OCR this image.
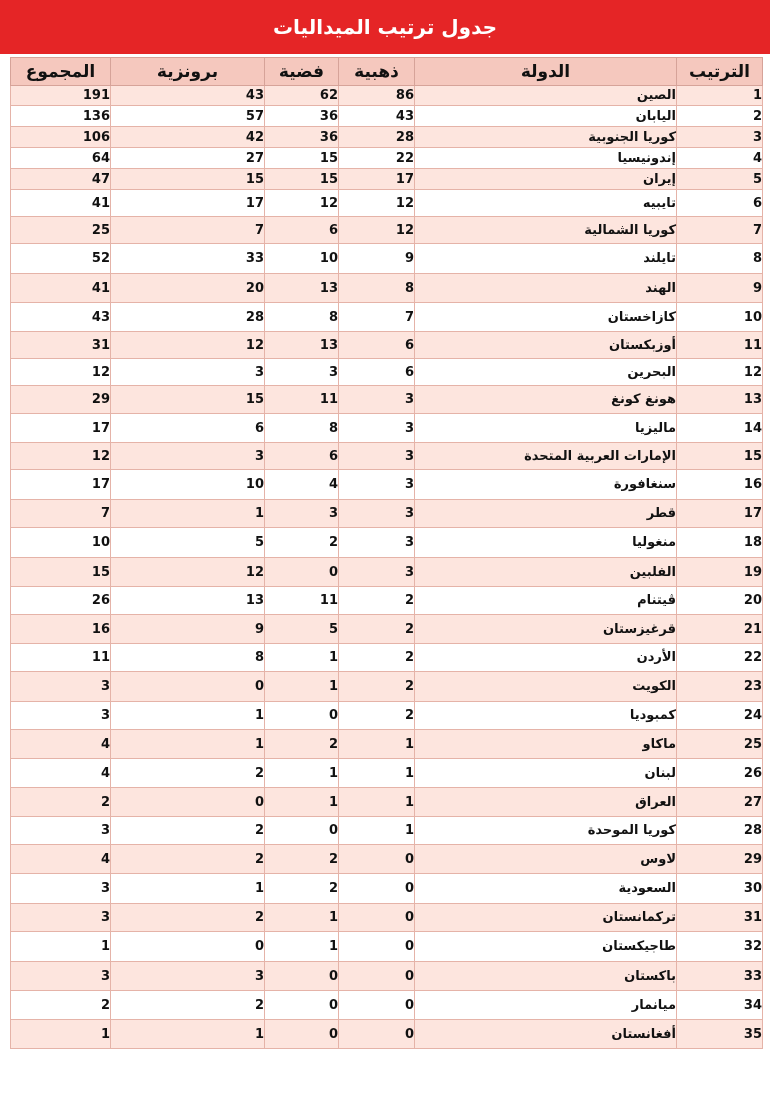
جدول ترتيب الميداليات
الترتيب	الدولة	ذهبية	فضية	برونزية	المجموع
1	الصين	86	62	43	191
2	اليابان	43	36	57	136
3	كوريا الجنوبية	28	36	42	106
4	إندونيسيا	22	15	27	64
5	إيران	17	15	15	47
6	تايبيه	12	12	17	41
7	كوريا الشمالية	12	6	7	25
8	تايلند	9	10	33	52
9	الهند	8	13	20	41
10	كازاخستان	7	8	28	43
11	أوزبكستان	6	13	12	31
12	البحرين	6	3	3	12
13	هونغ كونغ	3	11	15	29
14	ماليزيا	3	8	6	17
15	الإمارات العربية المتحدة	3	6	3	12
16	سنغافورة	3	4	10	17
17	قطر	3	3	1	7
18	منغوليا	3	2	5	10
19	الفلبين	3	0	12	15
20	ڤيتنام	2	11	13	26
21	قرغيزستان	2	5	9	16
22	الأردن	2	1	8	11
23	الكويت	2	1	0	3
24	كمبوديا	2	0	1	3
25	ماكاو	1	2	1	4
26	لبنان	1	1	2	4
27	العراق	1	1	0	2
28	كوريا الموحدة	1	0	2	3
29	لاوس	0	2	2	4
30	السعودية	0	2	1	3
31	تركمانستان	0	1	2	3
32	طاجيكستان	0	1	0	1
33	باكستان	0	0	3	3
34	ميانمار	0	0	2	2
35	أفغانستان	0	0	1	1
